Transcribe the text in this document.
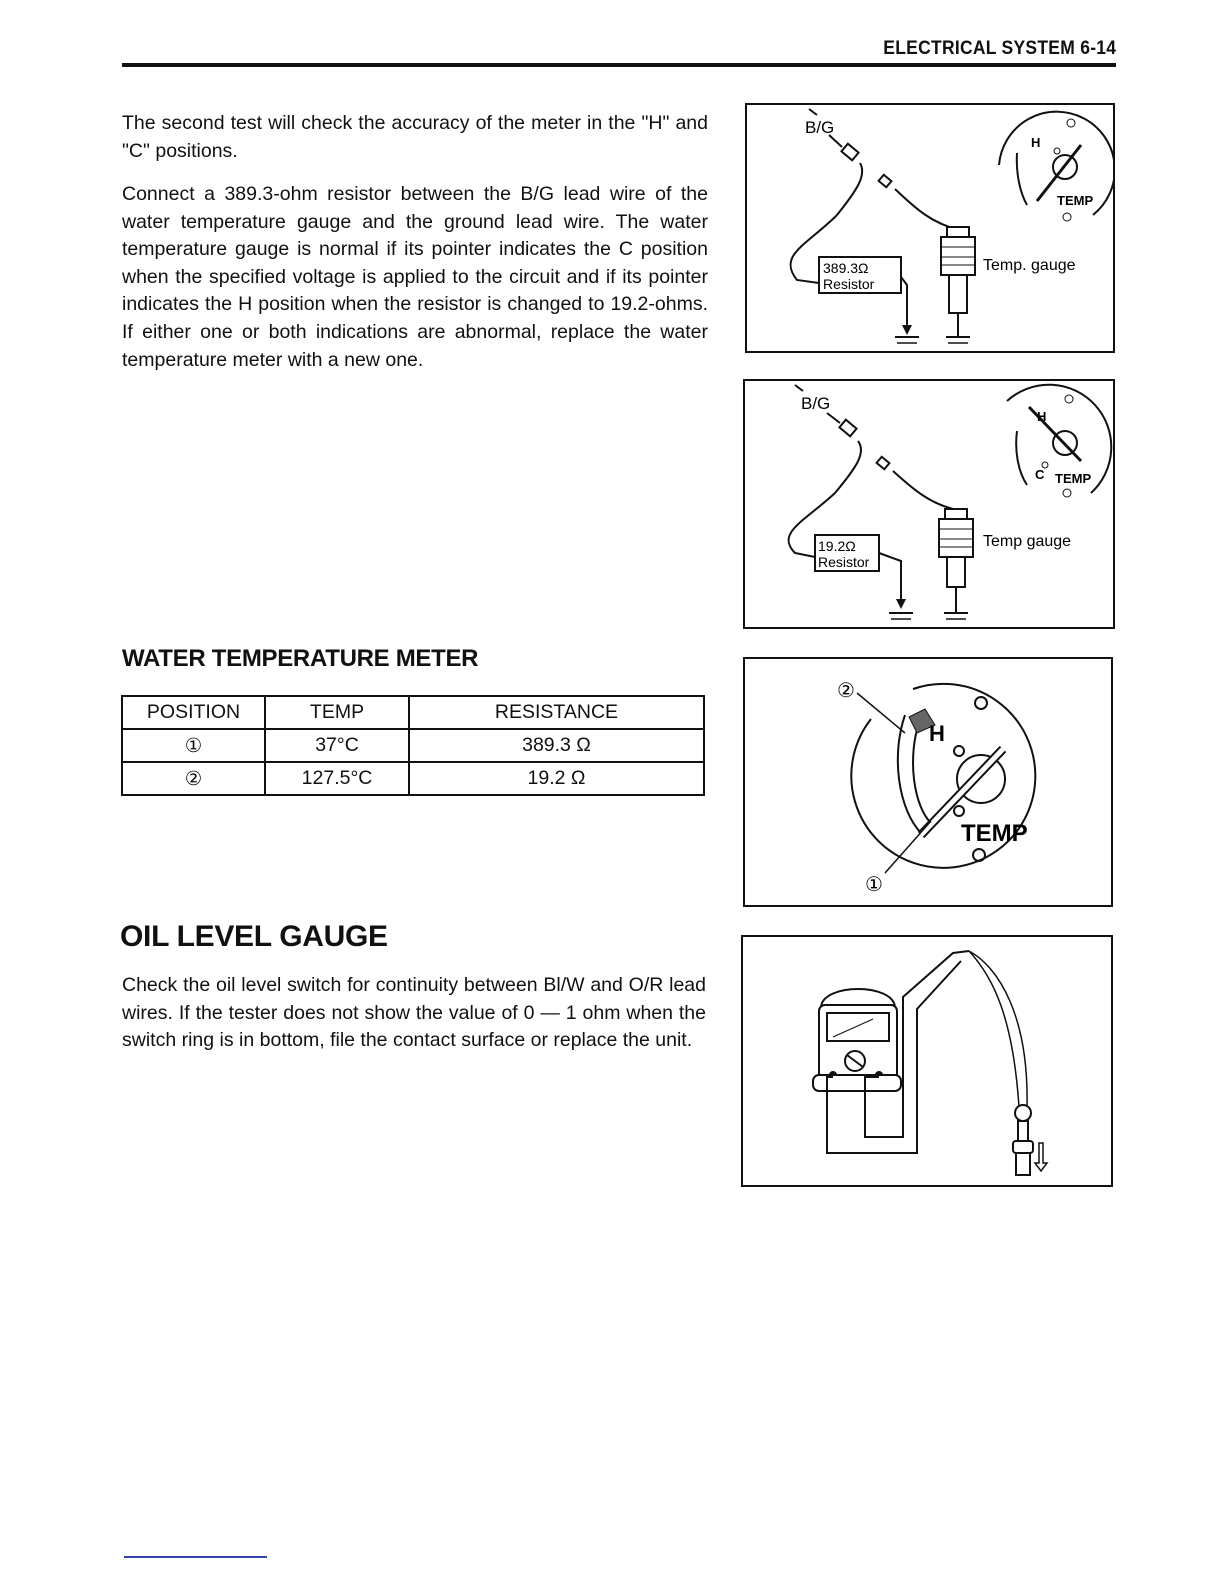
ELECTRICAL SYSTEM 6-14

The second test will check the accuracy of the meter in the "H" and "C" positions.

Connect a 389.3-ohm resistor between the B/G lead wire of the water temperature gauge and the ground lead wire. The water temperature gauge is normal if its pointer indicates the C position when the specified voltage is applied to the circuit and if its pointer indicates the H position when the resistor is changed to 19.2-ohms. If either one or both indications are abnormal, replace the water temperature meter with a new one.

WATER TEMPERATURE METER
POSITION	TEMP	RESISTANCE
①	37°C	389.3 Ω
②	127.5°C	19.2 Ω
OIL LEVEL GAUGE

Check the oil level switch for continuity between Bl/W and O/R lead wires. If the tester does not show the value of 0 — 1 ohm when the switch ring is in bottom, file the contact surface or replace the unit.

B/G
389.3Ω
Resistor
Temp. gauge
H
TEMP
B/G
19.2Ω
Resistor
Temp gauge
H
C TEMP
②
H
TEMP
①
